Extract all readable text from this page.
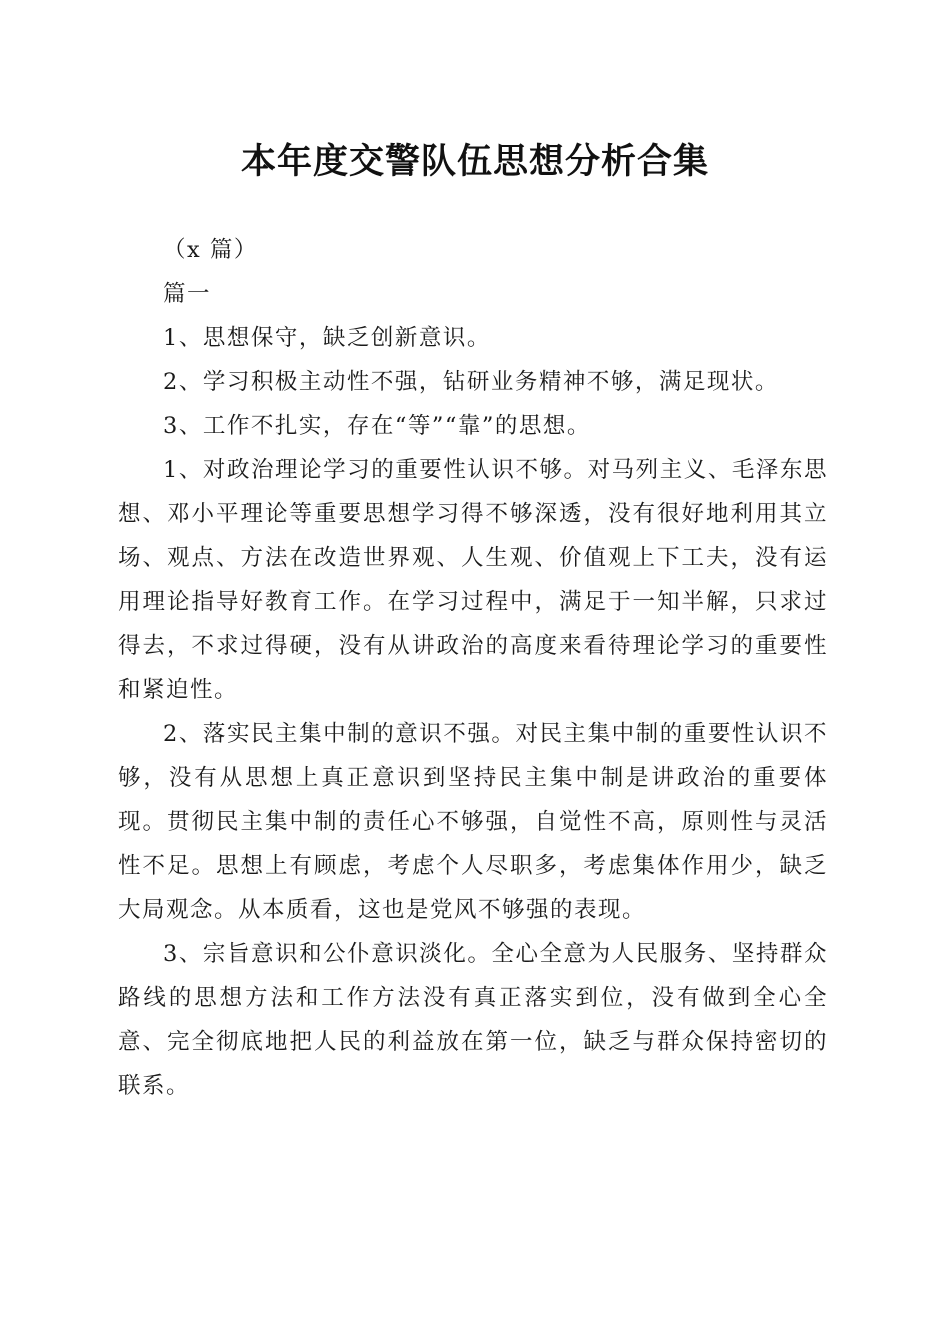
本年度交警队伍思想分析合集

（x 篇）

篇一

1、思想保守，缺乏创新意识。

2、学习积极主动性不强，钻研业务精神不够，满足现状。

3、工作不扎实，存在“等”“靠”的思想。

1、对政治理论学习的重要性认识不够。对马列主义、毛泽东思想、邓小平理论等重要思想学习得不够深透，没有很好地利用其立场、观点、方法在改造世界观、人生观、价值观上下工夫，没有运用理论指导好教育工作。在学习过程中，满足于一知半解，只求过得去，不求过得硬，没有从讲政治的高度来看待理论学习的重要性和紧迫性。

2、落实民主集中制的意识不强。对民主集中制的重要性认识不够，没有从思想上真正意识到坚持民主集中制是讲政治的重要体现。贯彻民主集中制的责任心不够强，自觉性不高，原则性与灵活性不足。思想上有顾虑，考虑个人尽职多，考虑集体作用少，缺乏大局观念。从本质看，这也是党风不够强的表现。

3、宗旨意识和公仆意识淡化。全心全意为人民服务、坚持群众路线的思想方法和工作方法没有真正落实到位，没有做到全心全意、完全彻底地把人民的利益放在第一位，缺乏与群众保持密切的联系。
